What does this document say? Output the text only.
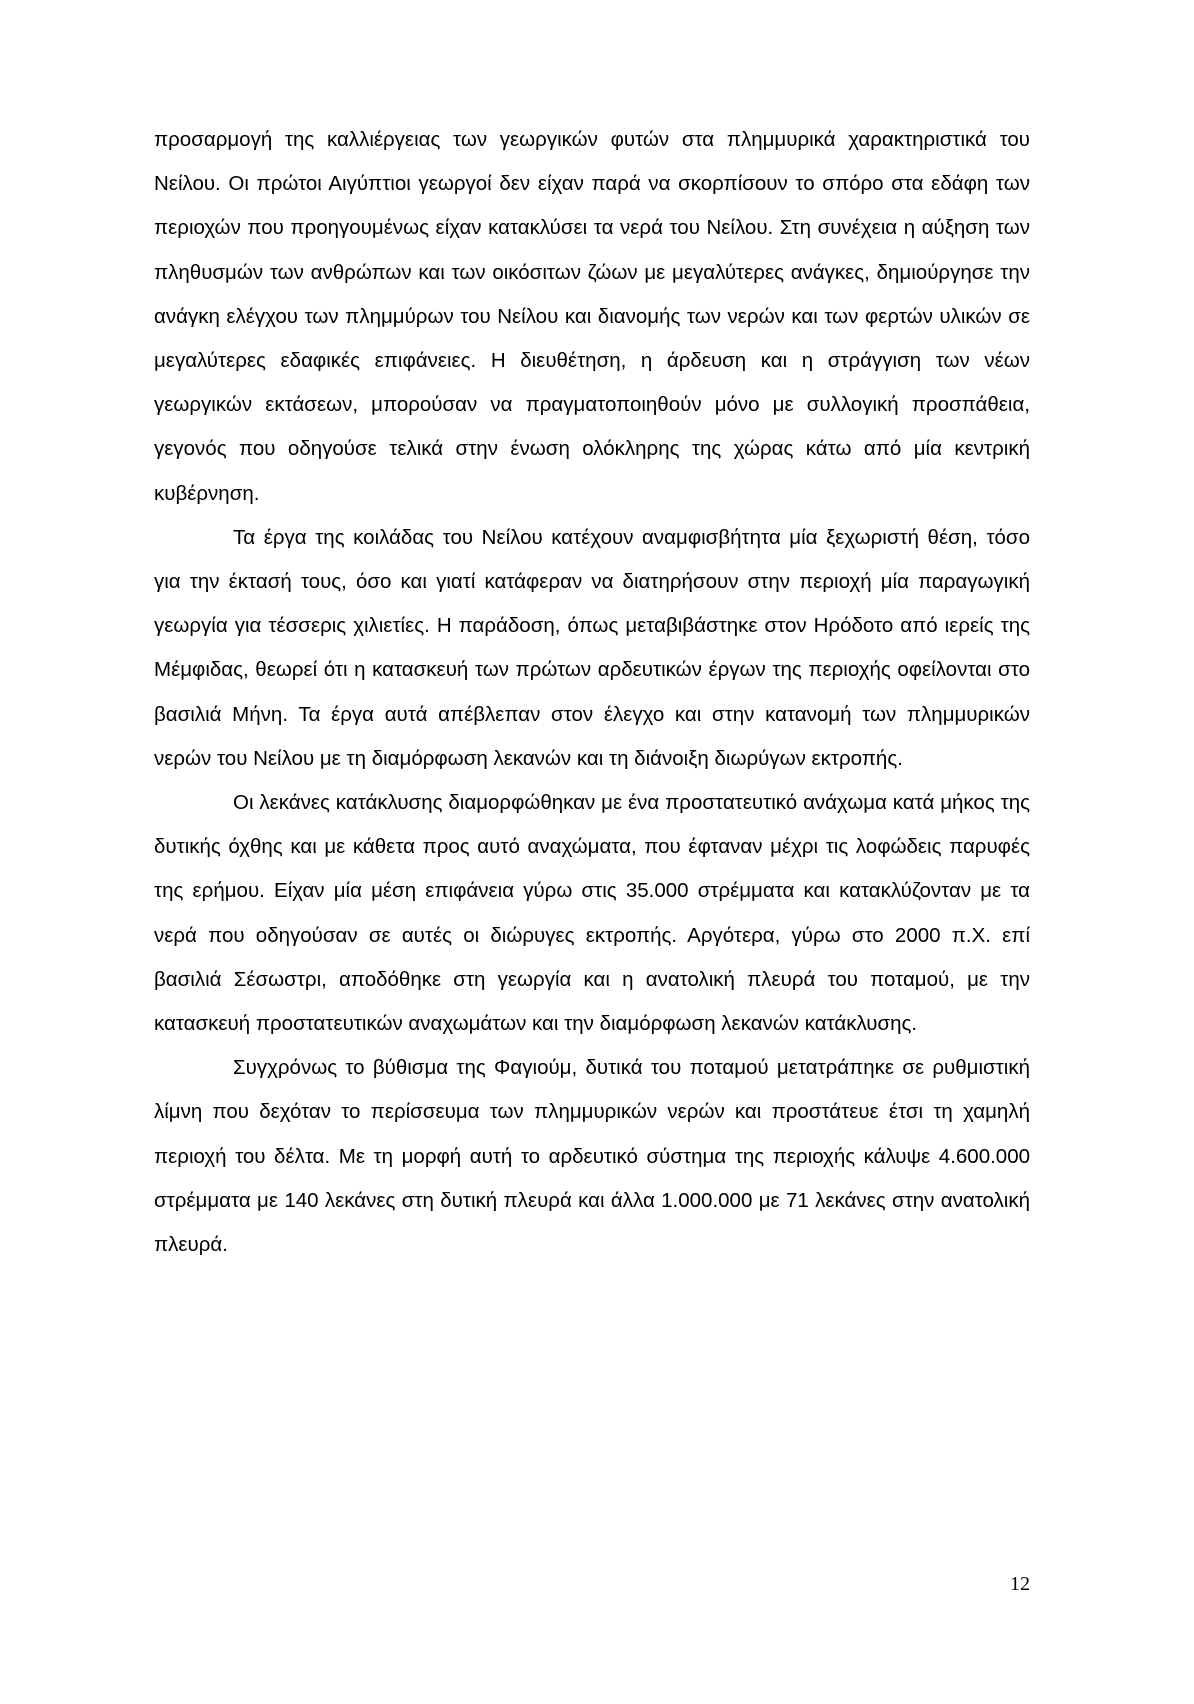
προσαρμογή της καλλιέργειας των γεωργικών φυτών στα πλημμυρικά χαρακτηριστικά του Νείλου. Οι πρώτοι Αιγύπτιοι γεωργοί δεν είχαν παρά να σκορπίσουν το σπόρο στα εδάφη των περιοχών που προηγουμένως είχαν κατακλύσει τα νερά του Νείλου. Στη συνέχεια η αύξηση των πληθυσμών των ανθρώπων και των οικόσιτων ζώων με μεγαλύτερες ανάγκες, δημιούργησε την ανάγκη ελέγχου των πλημμύρων του Νείλου και διανομής των νερών και των φερτών υλικών σε μεγαλύτερες εδαφικές επιφάνειες. Η διευθέτηση, η άρδευση και η στράγγιση των νέων γεωργικών εκτάσεων, μπορούσαν να πραγματοποιηθούν μόνο με συλλογική προσπάθεια, γεγονός που οδηγούσε τελικά στην ένωση ολόκληρης της χώρας κάτω από μία κεντρική κυβέρνηση.

Τα έργα της κοιλάδας του Νείλου κατέχουν αναμφισβήτητα μία ξεχωριστή θέση, τόσο για την έκτασή τους, όσο και γιατί κατάφεραν να διατηρήσουν στην περιοχή μία παραγωγική γεωργία για τέσσερις χιλιετίες. Η παράδοση, όπως μεταβιβάστηκε στον Ηρόδοτο από ιερείς της Μέμφιδας, θεωρεί ότι η κατασκευή των πρώτων αρδευτικών έργων της περιοχής οφείλονται στο βασιλιά Μήνη. Τα έργα αυτά απέβλεπαν στον έλεγχο και στην κατανομή των πλημμυρικών νερών του Νείλου με τη διαμόρφωση λεκανών και τη διάνοιξη διωρύγων εκτροπής.

Οι λεκάνες κατάκλυσης διαμορφώθηκαν με ένα προστατευτικό ανάχωμα κατά μήκος της δυτικής όχθης και με κάθετα προς αυτό αναχώματα, που έφταναν μέχρι τις λοφώδεις παρυφές της ερήμου. Είχαν μία μέση επιφάνεια γύρω στις 35.000 στρέμματα και κατακλύζονταν με τα νερά που οδηγούσαν σε αυτές οι διώρυγες εκτροπής. Αργότερα, γύρω στο 2000 π.Χ. επί βασιλιά Σέσωστρι, αποδόθηκε στη γεωργία και η ανατολική πλευρά του ποταμού, με την κατασκευή προστατευτικών αναχωμάτων και την διαμόρφωση λεκανών κατάκλυσης.

Συγχρόνως το βύθισμα της Φαγιούμ, δυτικά του ποταμού μετατράπηκε σε ρυθμιστική λίμνη που δεχόταν το περίσσευμα των πλημμυρικών νερών και προστάτευε έτσι τη χαμηλή περιοχή του δέλτα. Με τη μορφή αυτή το αρδευτικό σύστημα της περιοχής κάλυψε 4.600.000 στρέμματα με 140 λεκάνες στη δυτική πλευρά και άλλα 1.000.000 με 71 λεκάνες στην ανατολική πλευρά.

12
